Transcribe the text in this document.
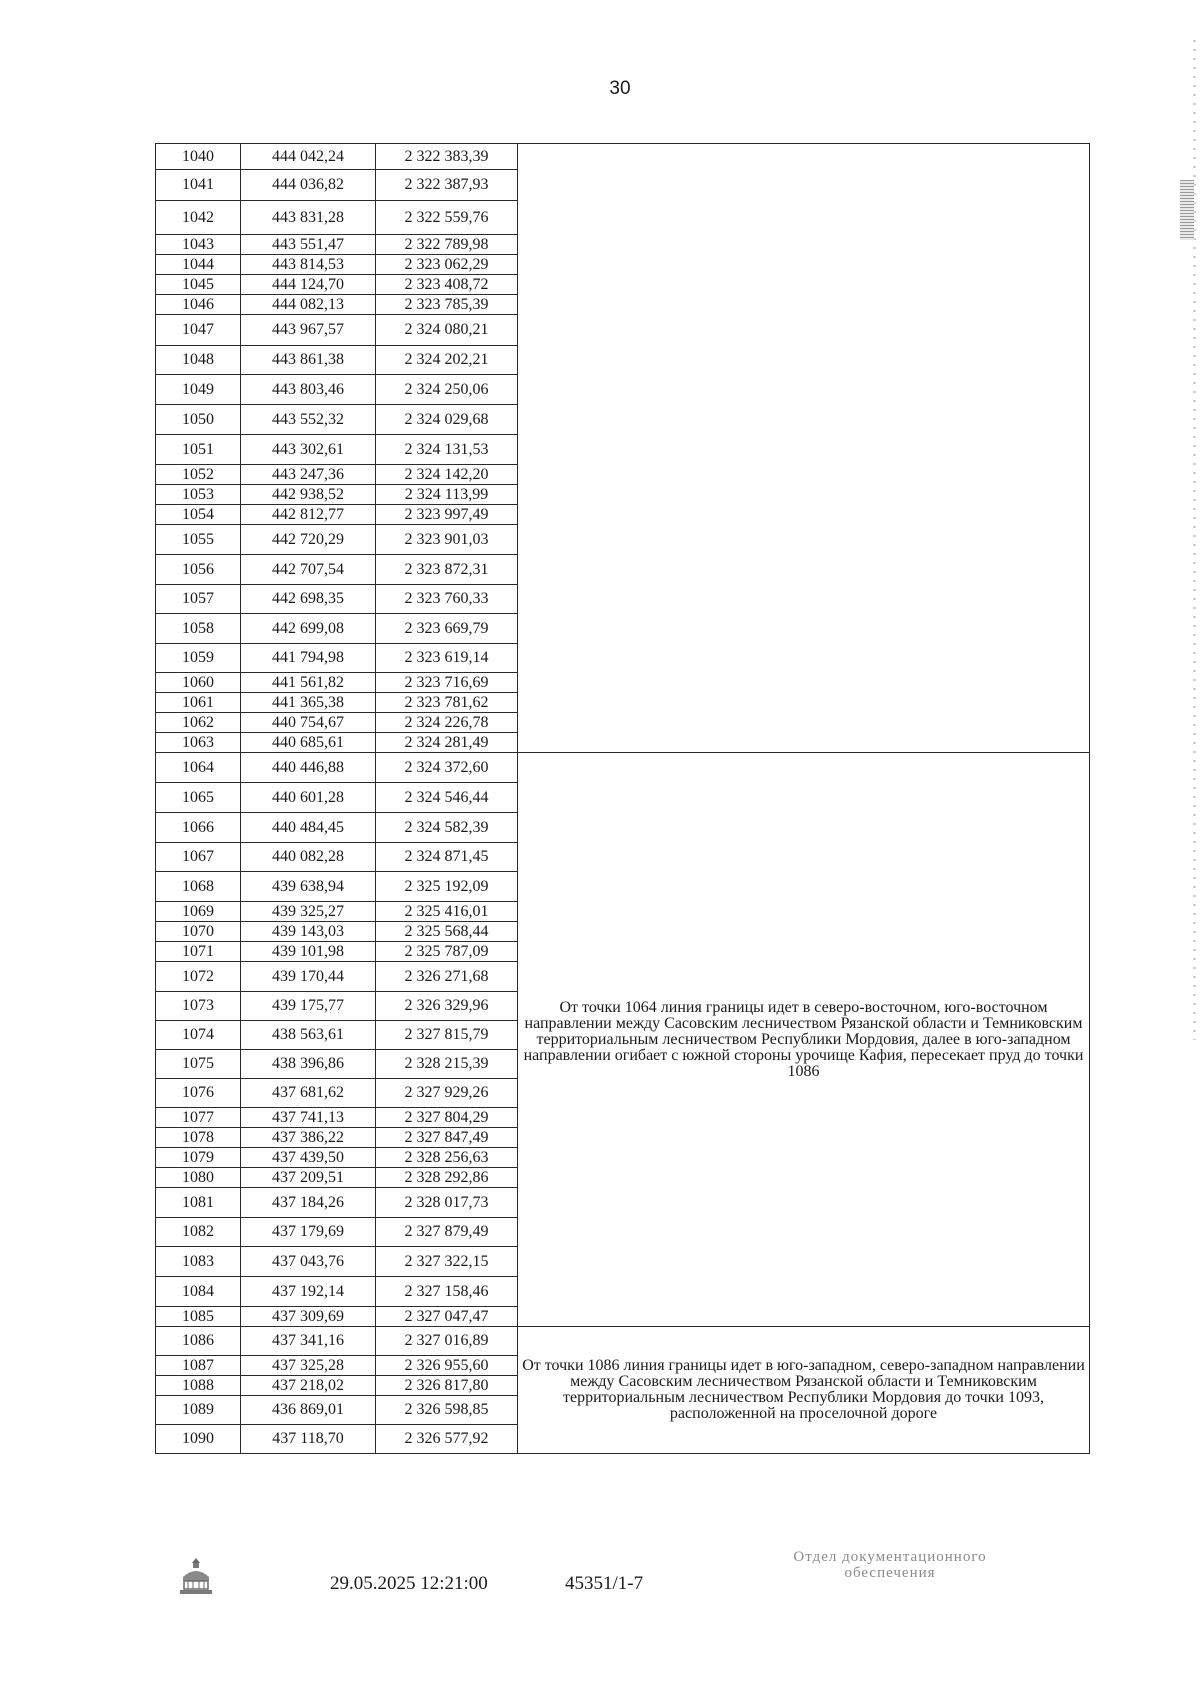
30
1040	444 042,24	2 322 383,39	
1041	444 036,82	2 322 387,93	
1042	443 831,28	2 322 559,76	
1043	443 551,47	2 322 789,98	
1044	443 814,53	2 323 062,29	
1045	444 124,70	2 323 408,72	
1046	444 082,13	2 323 785,39	
1047	443 967,57	2 324 080,21	
1048	443 861,38	2 324 202,21	
1049	443 803,46	2 324 250,06	
1050	443 552,32	2 324 029,68	
1051	443 302,61	2 324 131,53	
1052	443 247,36	2 324 142,20	
1053	442 938,52	2 324 113,99	
1054	442 812,77	2 323 997,49	
1055	442 720,29	2 323 901,03	
1056	442 707,54	2 323 872,31	
1057	442 698,35	2 323 760,33	
1058	442 699,08	2 323 669,79	
1059	441 794,98	2 323 619,14	
1060	441 561,82	2 323 716,69	
1061	441 365,38	2 323 781,62	
1062	440 754,67	2 324 226,78	
1063	440 685,61	2 324 281,49	
1064	440 446,88	2 324 372,60	От точки 1064 линия границы идет в северо-восточном, юго-восточном направлении между Сасовским лесничеством Рязанской области и Темниковским территориальным лесничеством Республики Мордовия, далее в юго-западном направлении огибает с южной стороны урочище Кафия, пересекает пруд до точки 1086
1065	440 601,28	2 324 546,44	
1066	440 484,45	2 324 582,39	
1067	440 082,28	2 324 871,45	
1068	439 638,94	2 325 192,09	
1069	439 325,27	2 325 416,01	
1070	439 143,03	2 325 568,44	
1071	439 101,98	2 325 787,09	
1072	439 170,44	2 326 271,68	
1073	439 175,77	2 326 329,96	
1074	438 563,61	2 327 815,79	
1075	438 396,86	2 328 215,39	
1076	437 681,62	2 327 929,26	
1077	437 741,13	2 327 804,29	
1078	437 386,22	2 327 847,49	
1079	437 439,50	2 328 256,63	
1080	437 209,51	2 328 292,86	
1081	437 184,26	2 328 017,73	
1082	437 179,69	2 327 879,49	
1083	437 043,76	2 327 322,15	
1084	437 192,14	2 327 158,46	
1085	437 309,69	2 327 047,47	
1086	437 341,16	2 327 016,89	От точки 1086 линия границы идет в юго-западном, северо-западном направлении между Сасовским лесничеством Рязанской области и Темниковским территориальным лесничеством Республики Мордовия до точки 1093, расположенной на проселочной дороге
1087	437 325,28	2 326 955,60	
1088	437 218,02	2 326 817,80	
1089	436 869,01	2 326 598,85	
1090	437 118,70	2 326 577,92	
29.05.2025 12:21:00	45351/1-7
Отдел документационного
обеспечения
